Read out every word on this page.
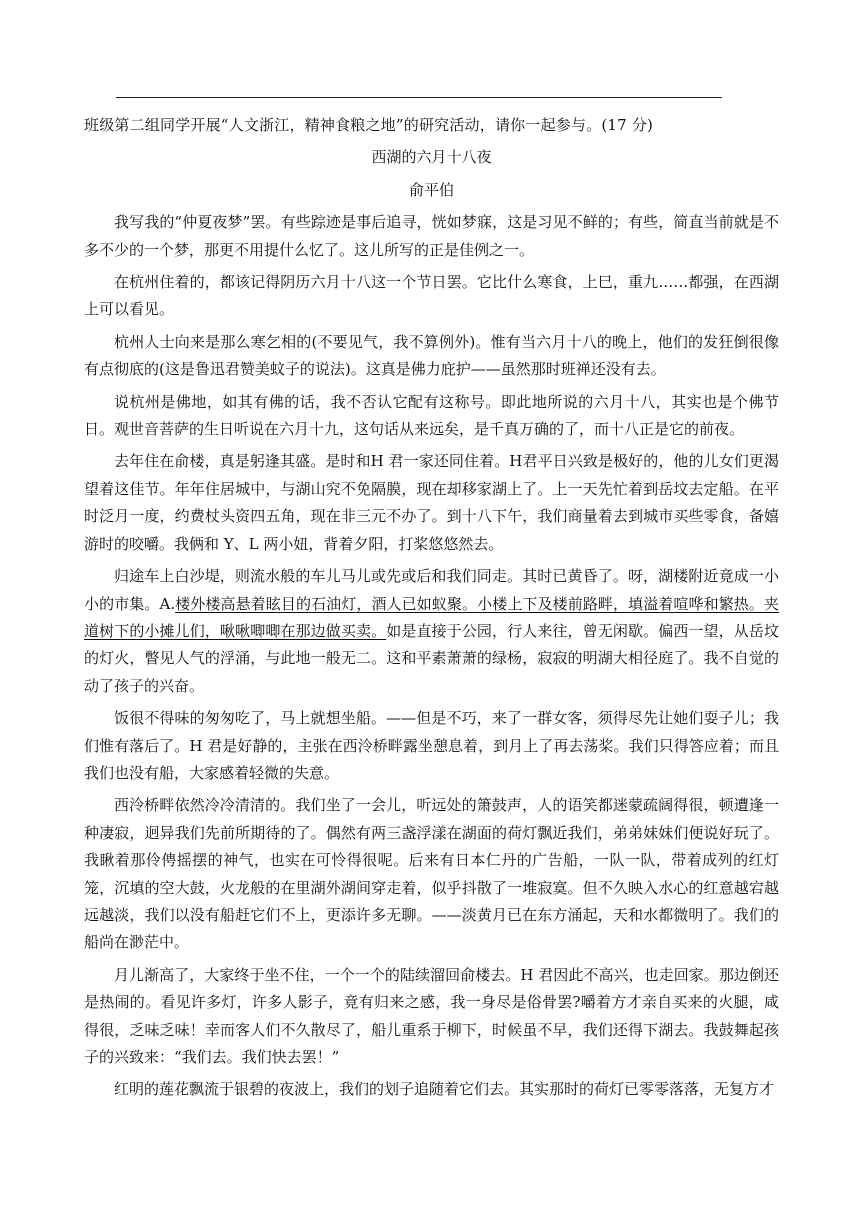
班级第二组同学开展“人文浙江，精神食粮之地”的研究活动，请你一起参与。(17 分)

西湖的六月十八夜

俞平伯

我写我的“仲夏夜梦”罢。有些踪迹是事后追寻，恍如梦寐，这是习见不鲜的；有些，简直当前就是不多不少的一个梦，那更不用提什么忆了。这儿所写的正是佳例之一。

在杭州住着的，都该记得阴历六月十八这一个节日罢。它比什么寒食，上巳，重九……都强，在西湖上可以看见。

杭州人士向来是那么寒乞相的(不要见气，我不算例外)。惟有当六月十八的晚上，他们的发狂倒很像有点彻底的(这是鲁迅君赞美蚊子的说法)。这真是佛力庇护——虽然那时班禅还没有去。

说杭州是佛地，如其有佛的话，我不否认它配有这称号。即此地所说的六月十八，其实也是个佛节日。观世音菩萨的生日听说在六月十九，这句话从来远矣，是千真万确的了，而十八正是它的前夜。

去年住在俞楼，真是躬逢其盛。是时和H 君一家还同住着。H君平日兴致是极好的，他的儿女们更渴望着这佳节。年年住居城中，与湖山究不免隔膜，现在却移家湖上了。上一天先忙着到岳坟去定船。在平时泛月一度，约费杖头资四五角，现在非三元不办了。到十八下午，我们商量着去到城市买些零食，备嬉游时的咬嚼。我俩和 Y、L 两小妞，背着夕阳，打桨悠悠然去。

归途车上白沙堤，则流水般的车儿马儿或先或后和我们同走。其时已黄昏了。呀，湖楼附近竟成一小小的市集。A.楼外楼高悬着眩目的石油灯，酒人已如蚁聚。小楼上下及楼前路畔，填溢着喧哗和繁热。夹道树下的小摊儿们，啾啾唧唧在那边做买卖。如是直接于公园，行人来往，曾无闲歇。偏西一望，从岳坟的灯火，瞥见人气的浮涌，与此地一般无二。这和平素萧萧的绿杨，寂寂的明湖大相径庭了。我不自觉的动了孩子的兴奋。

饭很不得味的匆匆吃了，马上就想坐船。——但是不巧，来了一群女客，须得尽先让她们耍子儿；我们惟有落后了。H 君是好静的，主张在西泠桥畔露坐憩息着，到月上了再去荡桨。我们只得答应着；而且我们也没有船，大家感着轻微的失意。

西泠桥畔依然冷冷清清的。我们坐了一会儿，听远处的箫鼓声，人的语笑都迷蒙疏阔得很，顿遭逢一种凄寂，迥异我们先前所期待的了。偶然有两三盏浮漾在湖面的荷灯飘近我们，弟弟妹妹们便说好玩了。我瞅着那伶俜摇摆的神气，也实在可怜得很呢。后来有日本仁丹的广告船，一队一队，带着成列的红灯笼，沉填的空大鼓，火龙般的在里湖外湖间穿走着，似乎抖散了一堆寂寞。但不久映入水心的红意越宕越远越淡，我们以没有船赶它们不上，更添许多无聊。——淡黄月已在东方涌起，天和水都微明了。我们的船尚在渺茫中。

月儿渐高了，大家终于坐不住，一个一个的陆续溜回俞楼去。H 君因此不高兴，也走回家。那边倒还是热闹的。看见许多灯，许多人影子，竟有归来之感，我一身尽是俗骨罢?嚼着方才亲自买来的火腿，咸得很，乏味乏味！幸而客人们不久散尽了，船儿重系于柳下，时候虽不早，我们还得下湖去。我鼓舞起孩子的兴致来：“我们去。我们快去罢！”

红明的莲花飘流于银碧的夜波上，我们的划子追随着它们去。其实那时的荷灯已零零落落，无复方才
